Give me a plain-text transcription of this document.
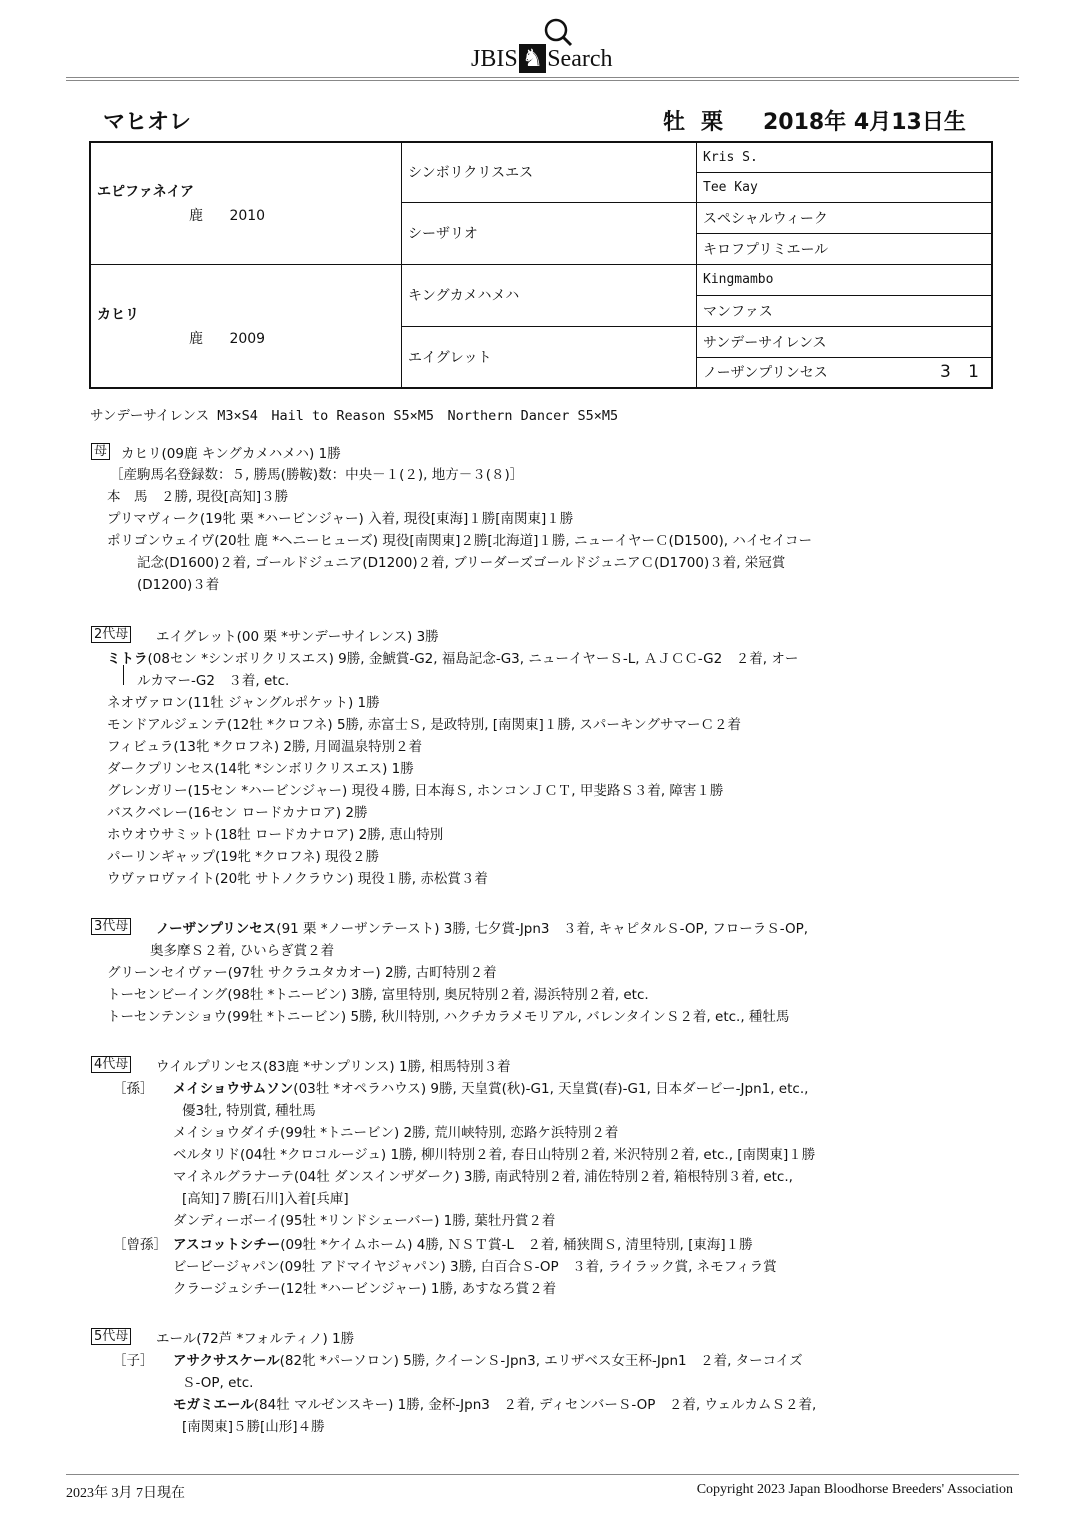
JBIS ♞ Search
マヒオレ	牡 栗 2018年 4月13日生
エピファネイア
鹿 2010	シンボリクリスエス	Kris S.
		Tee Kay
	シーザリオ	スペシャルウィーク
		キロフプリミエール

カヒリ
鹿 2009	キングカメハメハ	Kingmambo
		マンファス
	エイグレット	サンデーサイレンス
		ノーザンプリンセス 3 1
サンデーサイレンス M3×S4　Hail to Reason S5×M5　Northern Dancer S5×M5
母 カヒリ(09鹿 キングカメハメハ) 1勝
［産駒馬名登録数：５, 勝馬(勝鞍)数：中央－１(２), 地方－３(８)］
本　馬　２勝, 現役[高知]３勝
プリマヴィーク(19牝 栗 *ハービンジャー) 入着, 現役[東海]１勝[南関東]１勝
ポリゴンウェイヴ(20牡 鹿 *ヘニーヒューズ) 現役[南関東]２勝[北海道]１勝, ニューイヤーＣ(D1500), ハイセイコー
記念(D1600)２着, ゴールドジュニア(D1200)２着, ブリーダーズゴールドジュニアＣ(D1700)３着, 栄冠賞
(D1200)３着
2代母 エイグレット(00 栗 *サンデーサイレンス) 3勝
ミトラ(08セン *シンボリクリスエス) 9勝, 金鯱賞-G2, 福島記念-G3, ニューイヤーＳ-L, ＡＪＣＣ-G2　２着, オー
ルカマー-G2　３着, etc.
ネオヴァロン(11牡 ジャングルポケット) 1勝
モンドアルジェンテ(12牡 *クロフネ) 5勝, 赤富士Ｓ, 是政特別, [南関東]１勝, スパーキングサマーＣ２着
フィビュラ(13牝 *クロフネ) 2勝, 月岡温泉特別２着
ダークプリンセス(14牝 *シンボリクリスエス) 1勝
グレンガリー(15セン *ハービンジャー) 現役４勝, 日本海Ｓ, ホンコンＪＣＴ, 甲斐路Ｓ３着, 障害１勝
バスクベレー(16セン ロードカナロア) 2勝
ホウオウサミット(18牡 ロードカナロア) 2勝, 恵山特別
パーリンギャップ(19牝 *クロフネ) 現役２勝
ウヴァロヴァイト(20牝 サトノクラウン) 現役１勝, 赤松賞３着
3代母 ノーザンプリンセス(91 栗 *ノーザンテースト) 3勝, 七夕賞-Jpn3　３着, キャピタルＳ-OP, フローラＳ-OP,
奥多摩Ｓ２着, ひいらぎ賞２着
グリーンセイヴァー(97牡 サクラユタカオー) 2勝, 古町特別２着
トーセンビーイング(98牡 *トニービン) 3勝, 富里特別, 奥尻特別２着, 湯浜特別２着, etc.
トーセンテンショウ(99牡 *トニービン) 5勝, 秋川特別, ハクチカラメモリアル, バレンタインＳ２着, etc., 種牡馬
4代母 ウイルプリンセス(83鹿 *サンプリンス) 1勝, 相馬特別３着
［孫］ メイショウサムソン(03牡 *オペラハウス) 9勝, 天皇賞(秋)-G1, 天皇賞(春)-G1, 日本ダービー-Jpn1, etc.,
優3牡, 特別賞, 種牡馬
メイショウダイチ(99牡 *トニービン) 2勝, 荒川峡特別, 恋路ケ浜特別２着
ベルタリド(04牡 *クロコルージュ) 1勝, 柳川特別２着, 春日山特別２着, 米沢特別２着, etc., [南関東]１勝
マイネルグラナーテ(04牡 ダンスインザダーク) 3勝, 南武特別２着, 浦佐特別２着, 箱根特別３着, etc.,
[高知]７勝[石川]入着[兵庫]
ダンディーボーイ(95牡 *リンドシェーバー) 1勝, 葉牡丹賞２着
［曾孫］ アスコットシチー(09牡 *ケイムホーム) 4勝, ＮＳＴ賞-L　２着, 桶狭間Ｓ, 清里特別, [東海]１勝
ビービージャパン(09牡 アドマイヤジャパン) 3勝, 白百合Ｓ-OP　３着, ライラック賞, ネモフィラ賞
クラージュシチー(12牡 *ハービンジャー) 1勝, あすなろ賞２着
5代母 エール(72芦 *フォルティノ) 1勝
［子］ アサクサスケール(82牝 *パーソロン) 5勝, クイーンＳ-Jpn3, エリザベス女王杯-Jpn1　２着, ターコイズ
Ｓ-OP, etc.
モガミエール(84牡 マルゼンスキー) 1勝, 金杯-Jpn3　２着, ディセンバーＳ-OP　２着, ウェルカムＳ２着,
[南関東]５勝[山形]４勝
2023年 3月 7日現在	Copyright 2023 Japan Bloodhorse Breeders' Association
